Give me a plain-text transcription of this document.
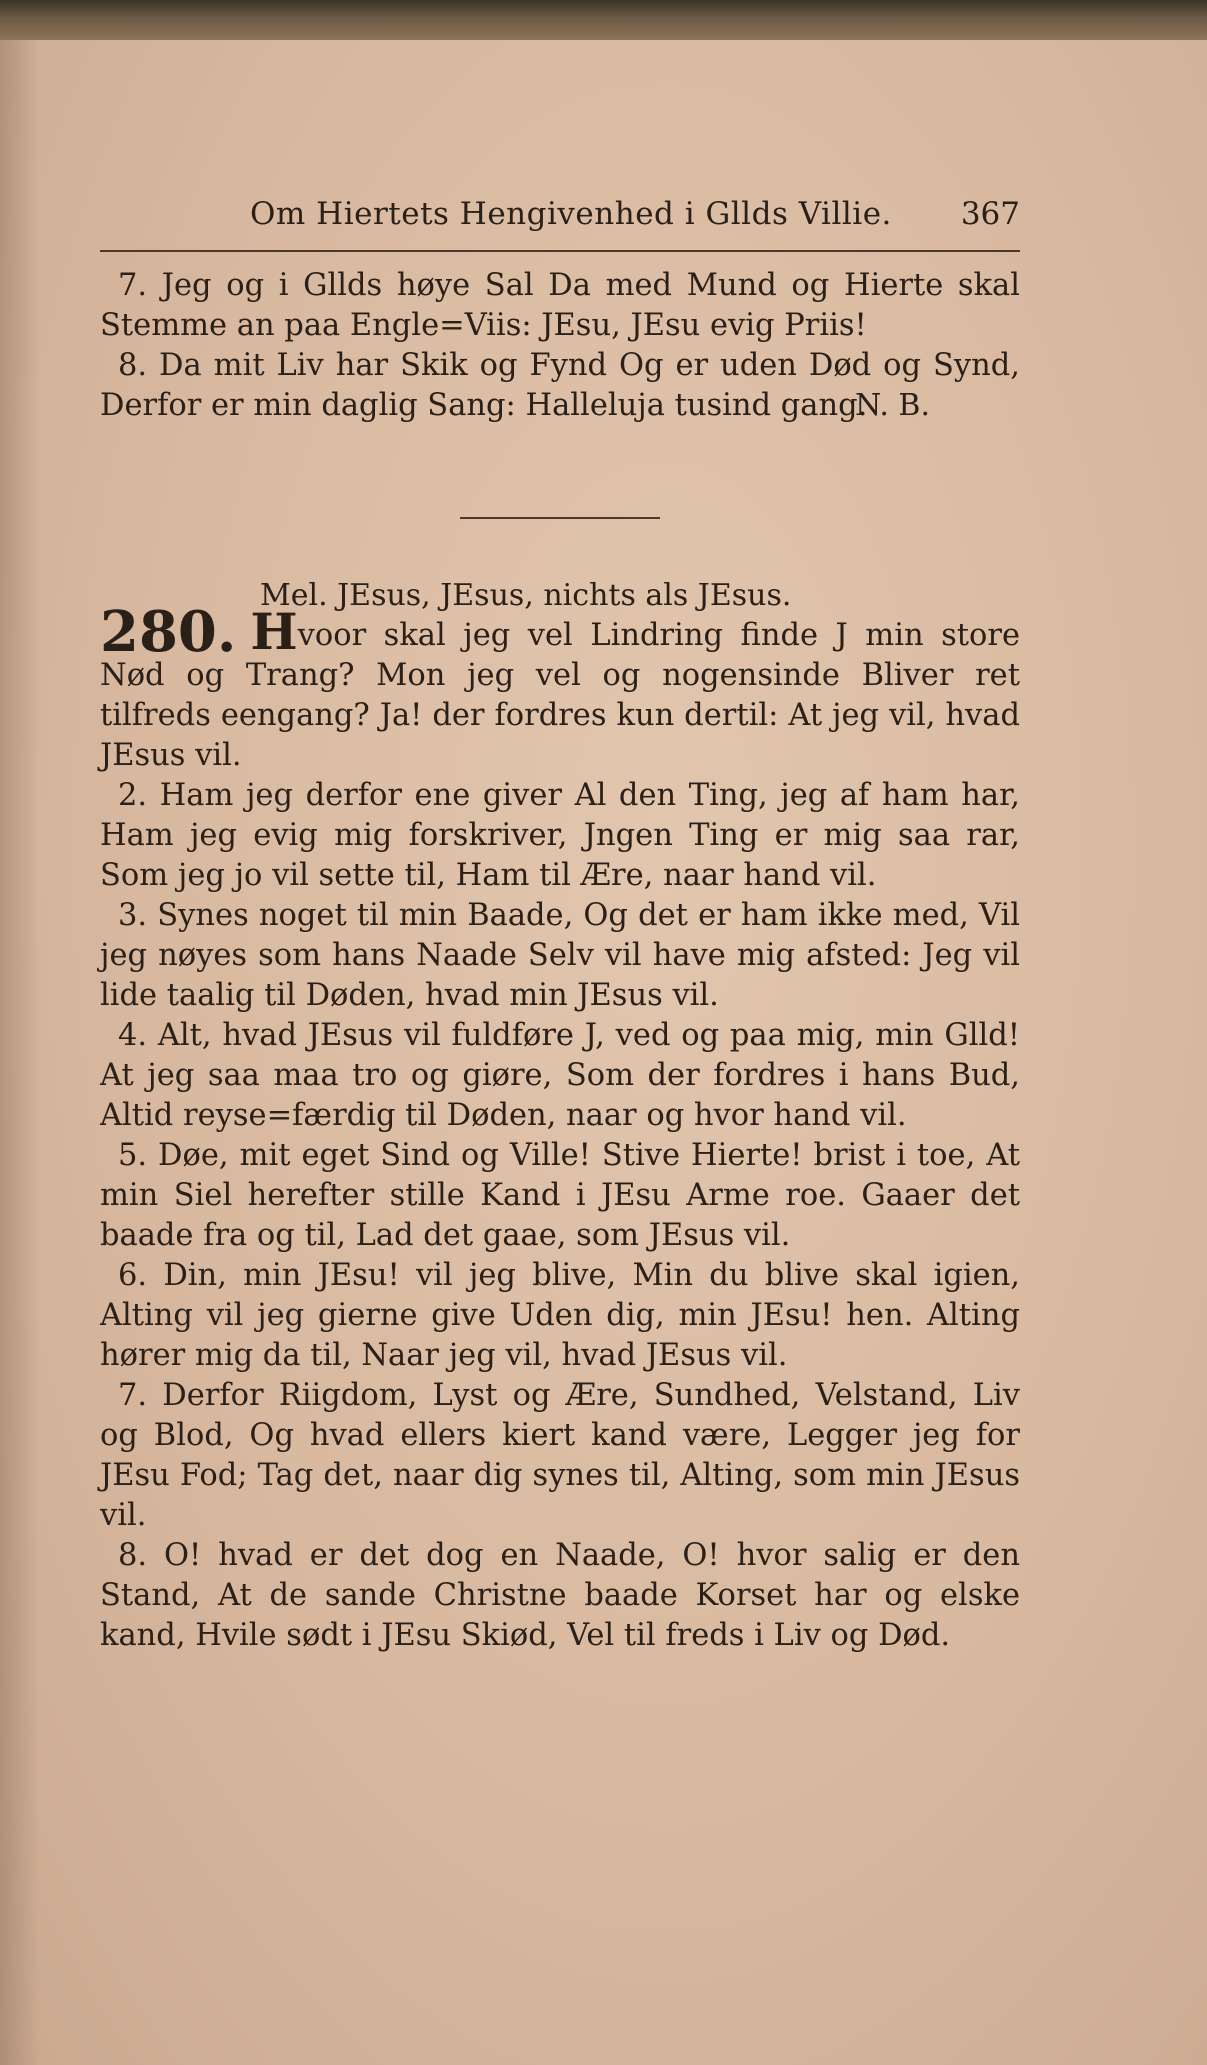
Om Hiertets Hengivenhed i Gllds Villie. 367

7. Jeg og i Gllds høye Sal Da med Mund og Hierte skal Stemme an paa Engle=Viis: JEsu, JEsu evig Priis!

8. Da mit Liv har Skik og Fynd Og er uden Død og Synd, Derfor er min daglig Sang: Halleluja tusind gang.

N. B.

Mel. JEsus, JEsus, nichts als JEsus.

280. Hvoor skal jeg vel Lindring finde J min store Nød og Trang? Mon jeg vel og nogensinde Bliver ret tilfreds eengang? Ja! der fordres kun dertil: At jeg vil, hvad JEsus vil.

2. Ham jeg derfor ene giver Al den Ting, jeg af ham har, Ham jeg evig mig forskriver, Jngen Ting er mig saa rar, Som jeg jo vil sette til, Ham til Ære, naar hand vil.

3. Synes noget til min Baade, Og det er ham ikke med, Vil jeg nøyes som hans Naade Selv vil have mig afsted: Jeg vil lide taalig til Døden, hvad min JEsus vil.

4. Alt, hvad JEsus vil fuldføre J, ved og paa mig, min Glld! At jeg saa maa tro og giøre, Som der fordres i hans Bud, Altid reyse=færdig til Døden, naar og hvor hand vil.

5. Døe, mit eget Sind og Ville! Stive Hierte! brist i toe, At min Siel herefter stille Kand i JEsu Arme roe. Gaaer det baade fra og til, Lad det gaae, som JEsus vil.

6. Din, min JEsu! vil jeg blive, Min du blive skal igien, Alting vil jeg gierne give Uden dig, min JEsu! hen. Alting hører mig da til, Naar jeg vil, hvad JEsus vil.

7. Derfor Riigdom, Lyst og Ære, Sundhed, Velstand, Liv og Blod, Og hvad ellers kiert kand være, Legger jeg for JEsu Fod; Tag det, naar dig synes til, Alting, som min JEsus vil.

8. O! hvad er det dog en Naade, O! hvor salig er den Stand, At de sande Christne baade Korset har og elske kand, Hvile sødt i JEsu Skiød, Vel til freds i Liv og Død.
